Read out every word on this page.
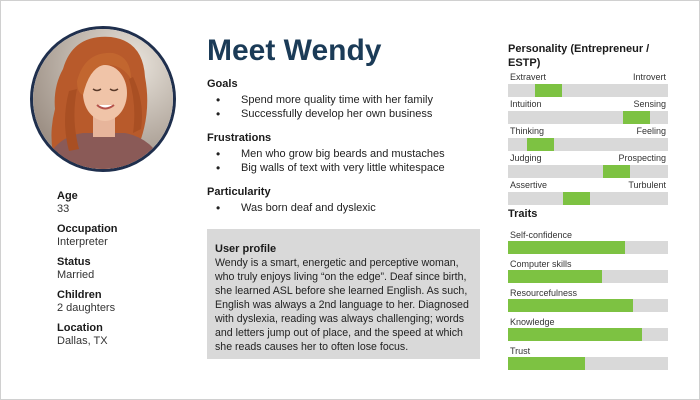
Age
33
Occupation
Interpreter
Status
Married
Children
2 daughters
Location
Dallas, TX
Meet Wendy
Goals
• Spend more quality time with her family
• Successfully develop her own business
Frustrations
• Men who grow big beards and mustaches
• Big walls of text with very little whitespace
Particularity
• Was born deaf and dyslexic
User profile
Wendy is a smart, energetic and perceptive woman, who truly enjoys living “on the edge”. Deaf since birth, she learned ASL before she learned English. As such, English was always a 2nd language to her. Diagnosed with dyslexia, reading was always challenging; words and letters jump out of place, and the speed at which she reads causes her to often lose focus.
Personality (Entrepreneur / ESTP)
Extravert	Introvert
Intuition	Sensing
Thinking	Feeling
Judging	Prospecting
Assertive	Turbulent
Traits
Self-confidence
Computer skills
Resourcefulness
Knowledge
Trust
